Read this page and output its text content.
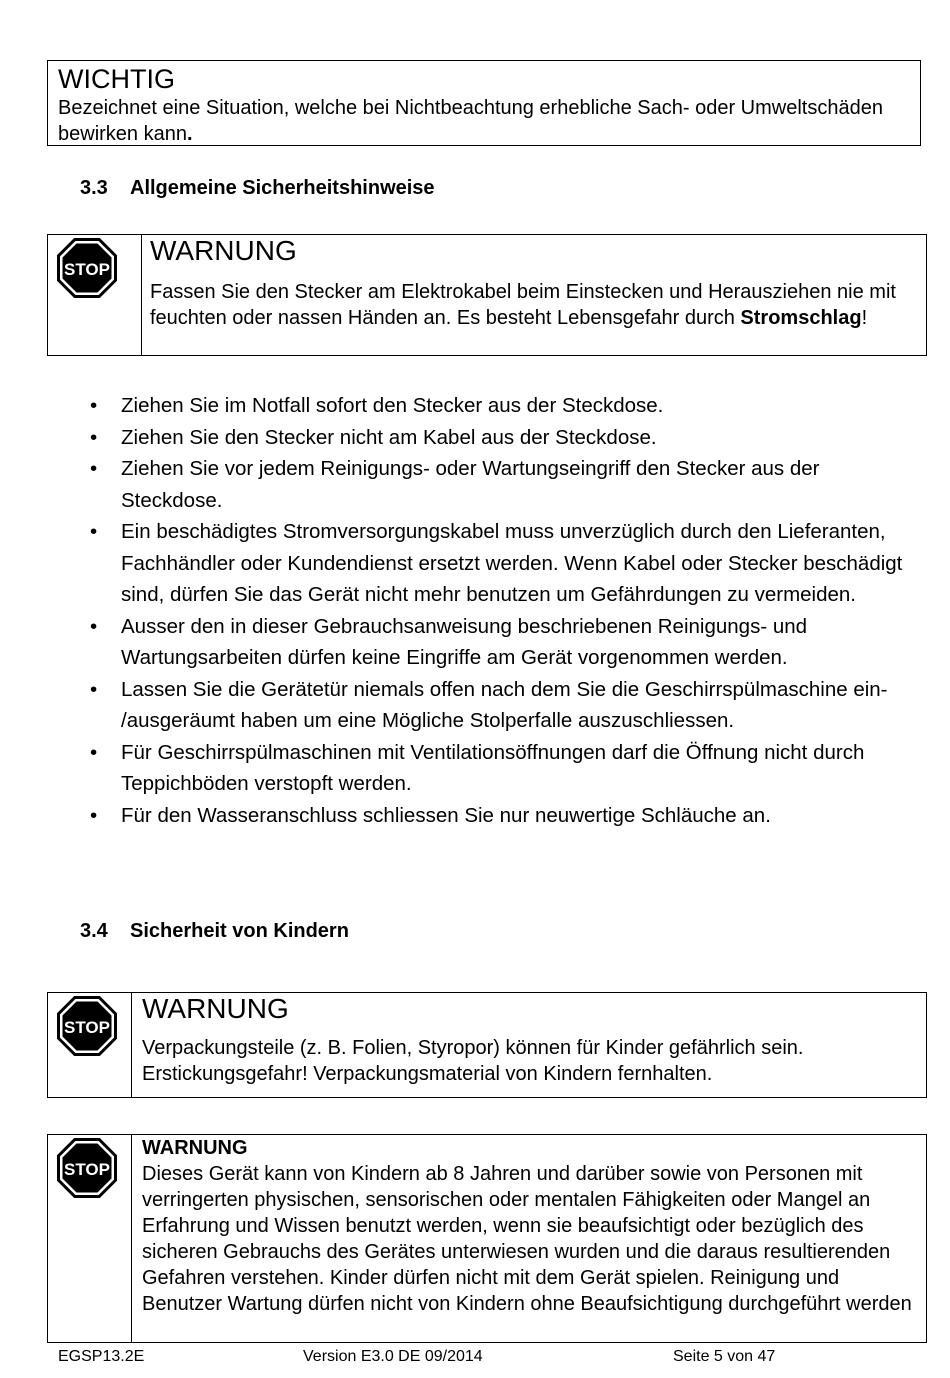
WICHTIG
Bezeichnet eine Situation, welche bei Nichtbeachtung erhebliche Sach- oder Umweltschäden bewirken kann.
3.3 Allgemeine Sicherheitshinweise
STOP
WARNUNG
Fassen Sie den Stecker am Elektrokabel beim Einstecken und Herausziehen nie mit feuchten oder nassen Händen an. Es besteht Lebensgefahr durch Stromschlag!
• Ziehen Sie im Notfall sofort den Stecker aus der Steckdose.
• Ziehen Sie den Stecker nicht am Kabel aus der Steckdose.
• Ziehen Sie vor jedem Reinigungs- oder Wartungseingriff den Stecker aus der Steckdose.
• Ein beschädigtes Stromversorgungskabel muss unverzüglich durch den Lieferanten, Fachhändler oder Kundendienst ersetzt werden. Wenn Kabel oder Stecker beschädigt sind, dürfen Sie das Gerät nicht mehr benutzen um Gefährdungen zu vermeiden.
• Ausser den in dieser Gebrauchsanweisung beschriebenen Reinigungs- und Wartungsarbeiten dürfen keine Eingriffe am Gerät vorgenommen werden.
• Lassen Sie die Gerätetür niemals offen nach dem Sie die Geschirrspülmaschine ein- /ausgeräumt haben um eine Mögliche Stolperfalle auszuschliessen.
• Für Geschirrspülmaschinen mit Ventilationsöffnungen darf die Öffnung nicht durch Teppichböden verstopft werden.
• Für den Wasseranschluss schliessen Sie nur neuwertige Schläuche an.
3.4 Sicherheit von Kindern
STOP
WARNUNG
Verpackungsteile (z. B. Folien, Styropor) können für Kinder gefährlich sein. Erstickungsgefahr! Verpackungsmaterial von Kindern fernhalten.
STOP
WARNUNG
Dieses Gerät kann von Kindern ab 8 Jahren und darüber sowie von Personen mit verringerten physischen, sensorischen oder mentalen Fähigkeiten oder Mangel an Erfahrung und Wissen benutzt werden, wenn sie beaufsichtigt oder bezüglich des sicheren Gebrauchs des Gerätes unterwiesen wurden und die daraus resultierenden Gefahren verstehen. Kinder dürfen nicht mit dem Gerät spielen. Reinigung und Benutzer Wartung dürfen nicht von Kindern ohne Beaufsichtigung durchgeführt werden
EGSP13.2E	Version E3.0 DE 09/2014	Seite 5 von 47
